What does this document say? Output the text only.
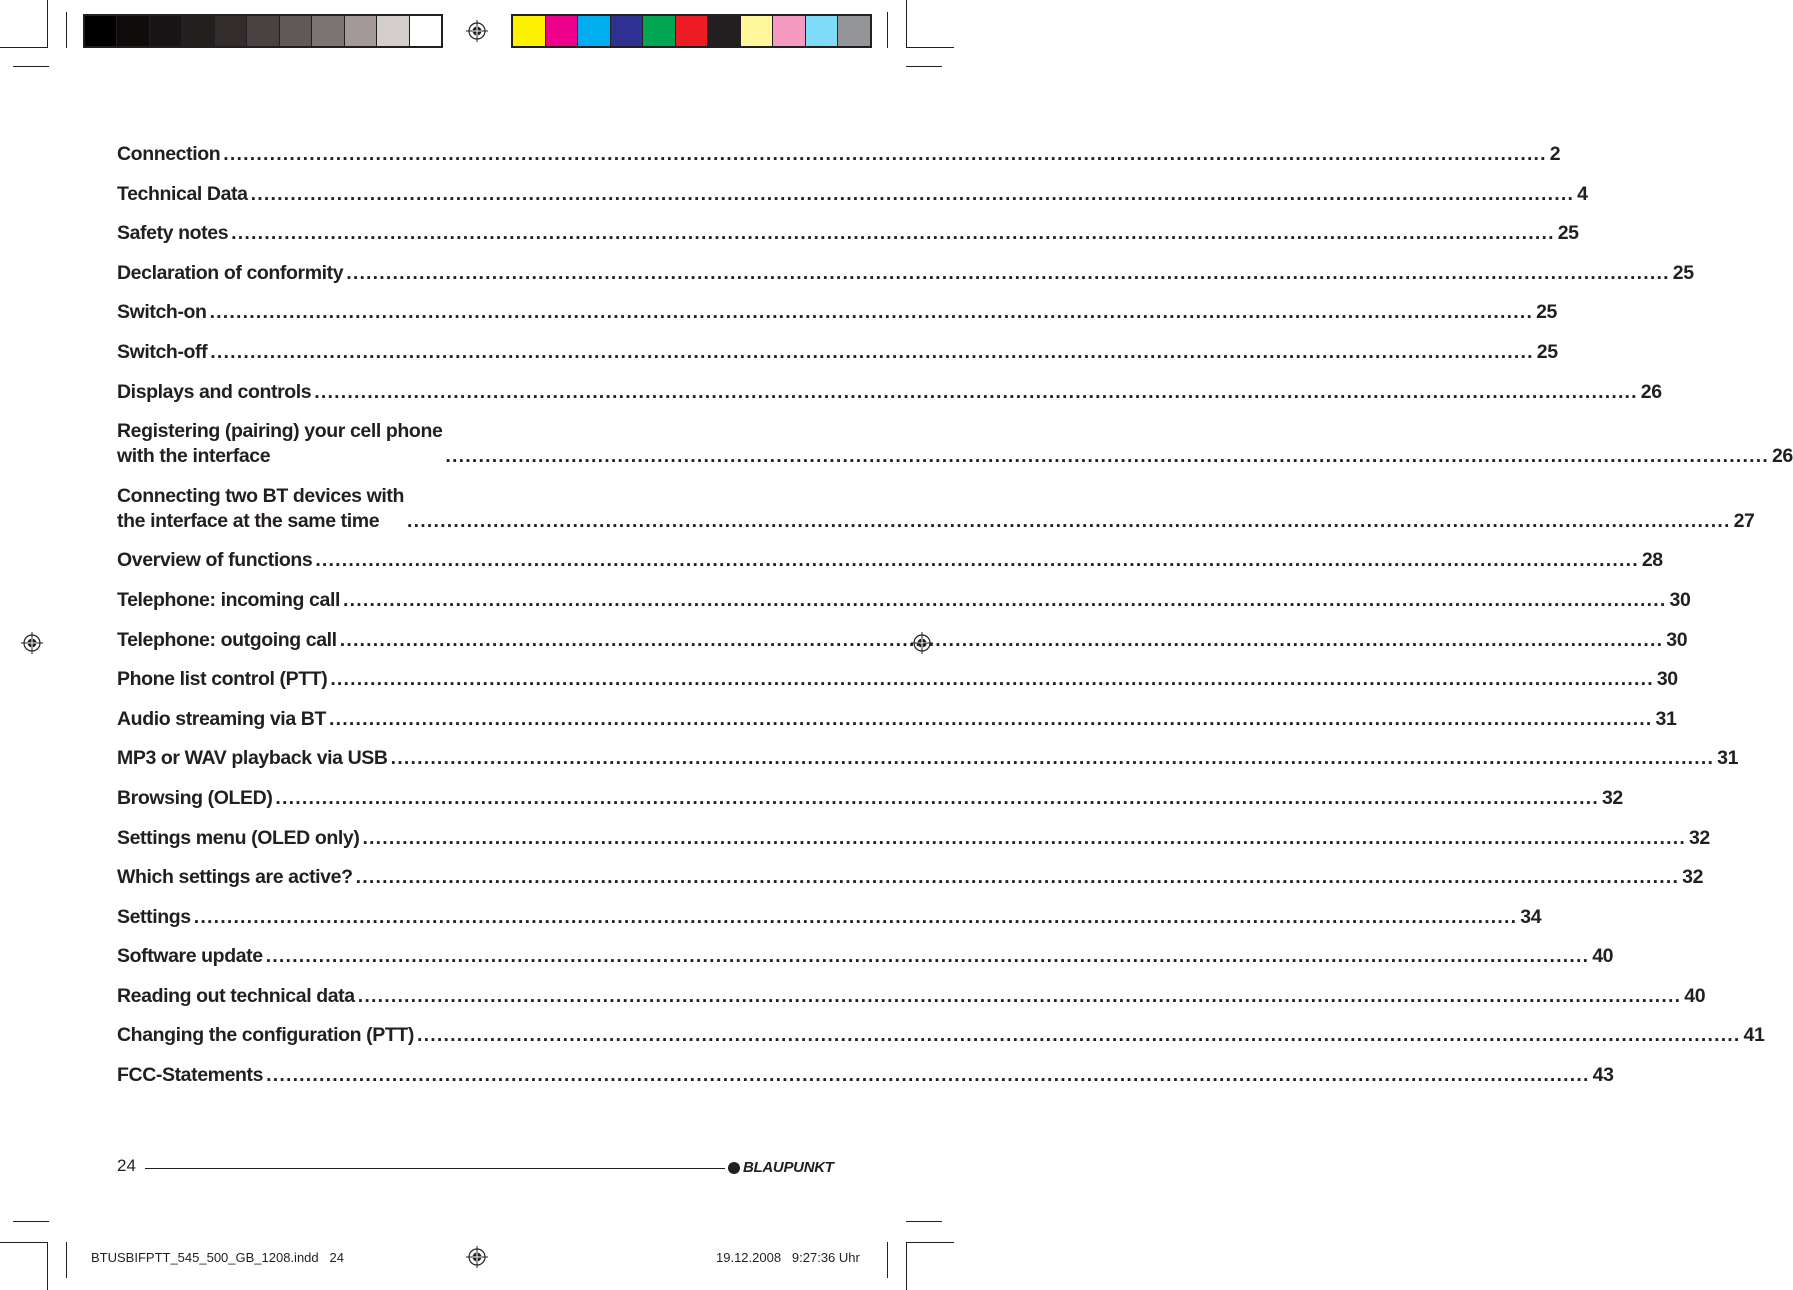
Connection ........................................................................................................................................................................................................ 2
Technical Data ........................................................................................................................................................................................................ 4
Safety notes ........................................................................................................................................................................................................ 25
Declaration of conformity ........................................................................................................................................................................................................ 25
Switch-on ........................................................................................................................................................................................................ 25
Switch-off ........................................................................................................................................................................................................ 25
Displays and controls ........................................................................................................................................................................................................ 26
Registering (pairing) your cell phone
with the interface	........................................................................................................................................................................................................ 26
Connecting two BT devices with
the interface at the same time	........................................................................................................................................................................................................ 27
Overview of functions ........................................................................................................................................................................................................ 28
Telephone: incoming call ........................................................................................................................................................................................................ 30
Telephone: outgoing call ........................................................................................................................................................................................................ 30
Phone list control (PTT) ........................................................................................................................................................................................................ 30
Audio streaming via BT ........................................................................................................................................................................................................ 31
MP3 or WAV playback via USB ........................................................................................................................................................................................................ 31
Browsing (OLED) ........................................................................................................................................................................................................ 32
Settings menu (OLED only) ........................................................................................................................................................................................................ 32
Which settings are active? ........................................................................................................................................................................................................ 32
Settings ........................................................................................................................................................................................................ 34
Software update ........................................................................................................................................................................................................ 40
Reading out technical data ........................................................................................................................................................................................................ 40
Changing the configuration (PTT) ........................................................................................................................................................................................................ 41
FCC-Statements ........................................................................................................................................................................................................ 43
24	BLAUPUNKT
BTUSBIFPTT_545_500_GB_1208.indd   24	19.12.2008   9:27:36 Uhr
